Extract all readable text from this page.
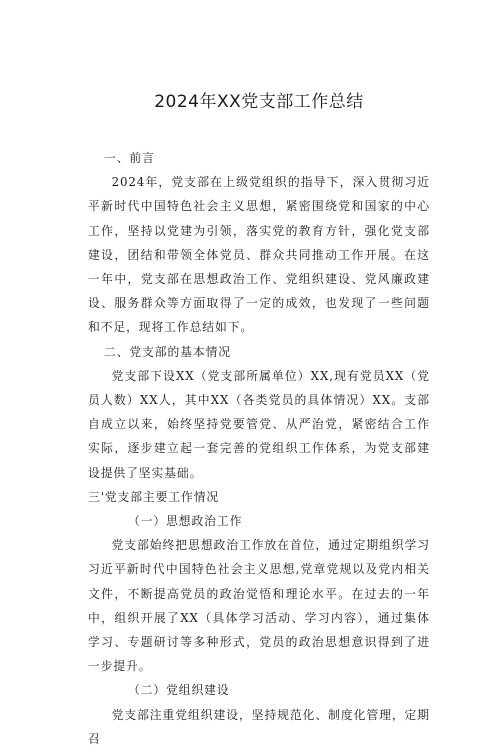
2024年XX党支部工作总结
一、前言

2024年，党支部在上级党组织的指导下，深入贯彻习近平新时代中国特色社会主义思想，紧密围绕党和国家的中心工作，坚持以党建为引领，落实党的教育方针，强化党支部建设，团结和带领全体党员、群众共同推动工作开展。在这一年中，党支部在思想政治工作、党组织建设、党风廉政建设、服务群众等方面取得了一定的成效，也发现了一些问题和不足，现将工作总结如下。

二、党支部的基本情况

党支部下设XX（党支部所属单位）XX,现有党员XX（党员人数）XX人，其中XX（各类党员的具体情况）XX。支部自成立以来，始终坚持党要管党、从严治党，紧密结合工作实际，逐步建立起一套完善的党组织工作体系，为党支部建设提供了坚实基础。

三'党支部主要工作情况
（一）思想政治工作

党支部始终把思想政治工作放在首位，通过定期组织学习习近平新时代中国特色社会主义思想,党章党规以及党内相关文件，不断提高党员的政治觉悟和理论水平。在过去的一年中，组织开展了XX（具体学习活动、学习内容），通过集体学习、专题研讨等多种形式，党员的政治思想意识得到了进一步提升。

（二）党组织建设

党支部注重党组织建设，坚持规范化、制度化管理，定期召
